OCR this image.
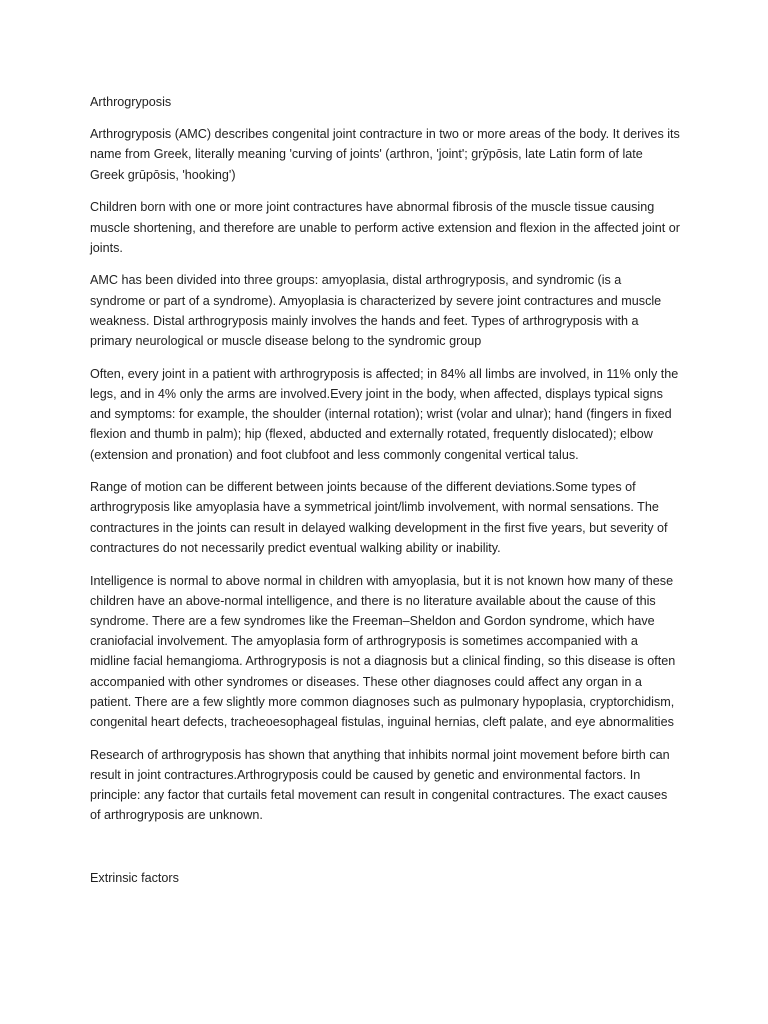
Arthrogryposis

Arthrogryposis (AMC) describes congenital joint contracture in two or more areas of the body. It derives its name from Greek, literally meaning 'curving of joints' (arthron, 'joint'; grȳpōsis, late Latin form of late Greek grūpōsis, 'hooking')

Children born with one or more joint contractures have abnormal fibrosis of the muscle tissue causing muscle shortening, and therefore are unable to perform active extension and flexion in the affected joint or joints.

AMC has been divided into three groups: amyoplasia, distal arthrogryposis, and syndromic (is a syndrome or part of a syndrome). Amyoplasia is characterized by severe joint contractures and muscle weakness. Distal arthrogryposis mainly involves the hands and feet. Types of arthrogryposis with a primary neurological or muscle disease belong to the syndromic group

Often, every joint in a patient with arthrogryposis is affected; in 84% all limbs are involved, in 11% only the legs, and in 4% only the arms are involved.Every joint in the body, when affected, displays typical signs and symptoms: for example, the shoulder (internal rotation); wrist (volar and ulnar); hand (fingers in fixed flexion and thumb in palm); hip (flexed, abducted and externally rotated, frequently dislocated); elbow (extension and pronation) and foot clubfoot and less commonly congenital vertical talus.

Range of motion can be different between joints because of the different deviations.Some types of arthrogryposis like amyoplasia have a symmetrical joint/limb involvement, with normal sensations. The contractures in the joints can result in delayed walking development in the first five years, but severity of contractures do not necessarily predict eventual walking ability or inability.

Intelligence is normal to above normal in children with amyoplasia, but it is not known how many of these children have an above-normal intelligence, and there is no literature available about the cause of this syndrome. There are a few syndromes like the Freeman–Sheldon and Gordon syndrome, which have craniofacial involvement. The amyoplasia form of arthrogryposis is sometimes accompanied with a midline facial hemangioma. Arthrogryposis is not a diagnosis but a clinical finding, so this disease is often accompanied with other syndromes or diseases. These other diagnoses could affect any organ in a patient. There are a few slightly more common diagnoses such as pulmonary hypoplasia, cryptorchidism, congenital heart defects, tracheoesophageal fistulas, inguinal hernias, cleft palate, and eye abnormalities

Research of arthrogryposis has shown that anything that inhibits normal joint movement before birth can result in joint contractures.Arthrogryposis could be caused by genetic and environmental factors. In principle: any factor that curtails fetal movement can result in congenital contractures. The exact causes of arthrogryposis are unknown.

Extrinsic factors
